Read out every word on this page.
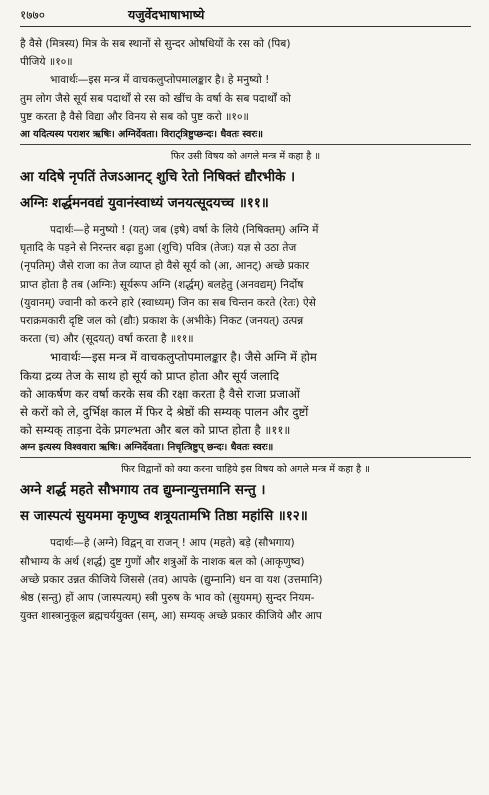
१७७०	यजुर्वेदभाषाभाष्ये
है वैसे (मित्रस्य) मित्र के सब स्थानों से सुन्दर ओषधियों के रस को (पिब)
पीजिये ॥१०॥
भावार्थः—इस मन्त्र में वाचकलुप्तोपमालङ्कार है। हे मनुष्यो !
तुम लोग जैसे सूर्य सब पदार्थों से रस को खींच के वर्षा के सब पदार्थों को
पुष्ट करता है वैसे विद्या और विनय से सब को पुष्ट करो ॥१०॥
आ यदित्यस्य पराशर ऋषिः। अग्निर्देवता। विराट्त्रिष्टुप्छन्दः। धैवतः स्वरः॥
फिर उसी विषय को अगले मन्त्र में कहा है ॥
आ यदिषे नृपतिं तेजऽआनट् शुचि रेतो निषिक्तं द्यौरभीके ।
अग्निः शर्द्धमनवद्यं युवानंस्वाध्यं जनयत्सूदयच्च ॥११॥
पदार्थः—हे मनुष्यो ! (यत्) जब (इषे) वर्षा के लिये (निषिक्तम्) अग्नि में
घृतादि के पड़ने से निरन्तर बढ़ा हुआ (शुचि) पवित्र (तेजः) यज्ञ से उठा तेज
(नृपतिम्) जैसे राजा का तेज व्याप्त हो वैसे सूर्य को (आ, आनट्) अच्छे प्रकार
प्राप्त होता है तब (अग्निः) सूर्यरूप अग्नि (शर्द्धम्) बलहेतु (अनवद्यम्) निर्दोष
(युवानम्) ज्वानी को करने हारे (स्वाध्यम्) जिन का सब चिन्तन करते (रेतः) ऐसे
पराक्रमकारी दृष्टि जल को (द्यौः) प्रकाश के (अभीके) निकट (जनयत्) उत्पन्न
करता (च) और (सूदयत्) वर्षा करता है ॥११॥
भावार्थः—इस मन्त्र में वाचकलुप्तोपमालङ्कार है। जैसे अग्नि में होम
किया द्रव्य तेज के साथ हो सूर्य को प्राप्त होता और सूर्य जलादि
को आकर्षण कर वर्षा करके सब की रक्षा करता है वैसे राजा प्रजाओं
से करों को ले, दुर्भिक्ष काल में फिर दे श्रेष्ठों की सम्यक् पालन और दुष्टों
को सम्यक् ताड़ना देके प्रगल्भता और बल को प्राप्त होता है ॥११॥
अग्न इत्यस्य विश्ववारा ऋषिः। अग्निर्देवता। निचृत्त्रिष्टुप् छन्दः। धैवतः स्वरः॥
फिर विद्वानों को क्या करना चाहिये इस विषय को अगले मन्त्र में कहा है ॥
अग्ने शर्द्ध महते सौभगाय तव द्युम्नान्युत्तमानि सन्तु ।
स जास्पत्यं सुयममा कृणुष्व शत्रूयतामभि तिष्ठा महांसि ॥१२॥
पदार्थः—हे (अग्ने) विद्वन् वा राजन् ! आप (महते) बड़े (सौभगाय)
सौभाग्य के अर्थ (शर्द्ध) दुष्ट गुणों और शत्रुओं के नाशक बल को (आकृणुष्व)
अच्छे प्रकार उन्नत कीजिये जिससे (तव) आपके (द्युम्नानि) धन वा यश (उत्तमानि)
श्रेष्ठ (सन्तु) हों आप (जास्पत्यम्) स्त्री पुरुष के भाव को (सुयमम्) सुन्दर नियम-
युक्त शास्त्रानुकूल ब्रह्मचर्ययुक्त (सम्, आ) सम्यक् अच्छे प्रकार कीजिये और आप
